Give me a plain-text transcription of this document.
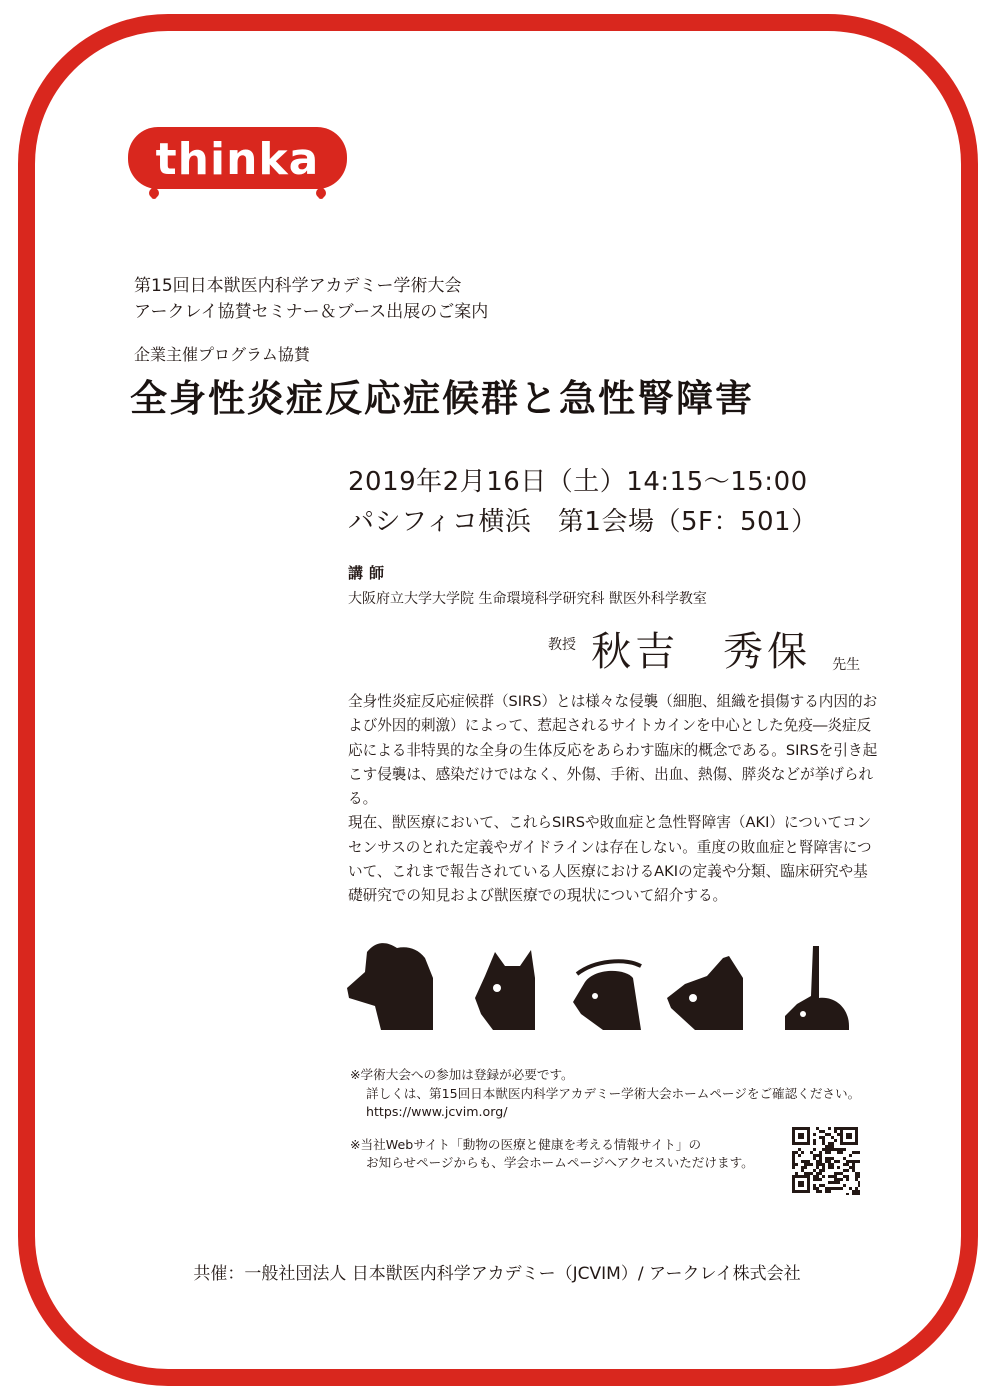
thinka
第15回日本獣医内科学アカデミー学術大会
アークレイ協賛セミナー＆ブース出展のご案内
企業主催プログラム協賛
全身性炎症反応症候群と急性腎障害
2019年2月16日（土）14:15〜15:00
パシフィコ横浜　第1会場（5F：501）
講師
大阪府立大学大学院 生命環境科学研究科 獣医外科学教室
教授 秋吉　秀保 先生

全身性炎症反応症候群（SIRS）とは様々な侵襲（細胞、組織を損傷する内因的および外因的刺激）によって、惹起されるサイトカインを中心とした免疫―炎症反応による非特異的な全身の生体反応をあらわす臨床的概念である。SIRSを引き起こす侵襲は、感染だけではなく、外傷、手術、出血、熱傷、膵炎などが挙げられる。

現在、獣医療において、これらSIRSや敗血症と急性腎障害（AKI）についてコンセンサスのとれた定義やガイドラインは存在しない。重度の敗血症と腎障害について、これまで報告されている人医療におけるAKIの定義や分類、臨床研究や基礎研究での知見および獣医療での現状について紹介する。

※学術大会への参加は登録が必要です。
詳しくは、第15回日本獣医内科学アカデミー学術大会ホームページをご確認ください。
https://www.jcvim.org/
※当社Webサイト「動物の医療と健康を考える情報サイト」の
お知らせページからも、学会ホームページへアクセスいただけます。
共催：一般社団法人 日本獣医内科学アカデミー（JCVIM）/ アークレイ株式会社
